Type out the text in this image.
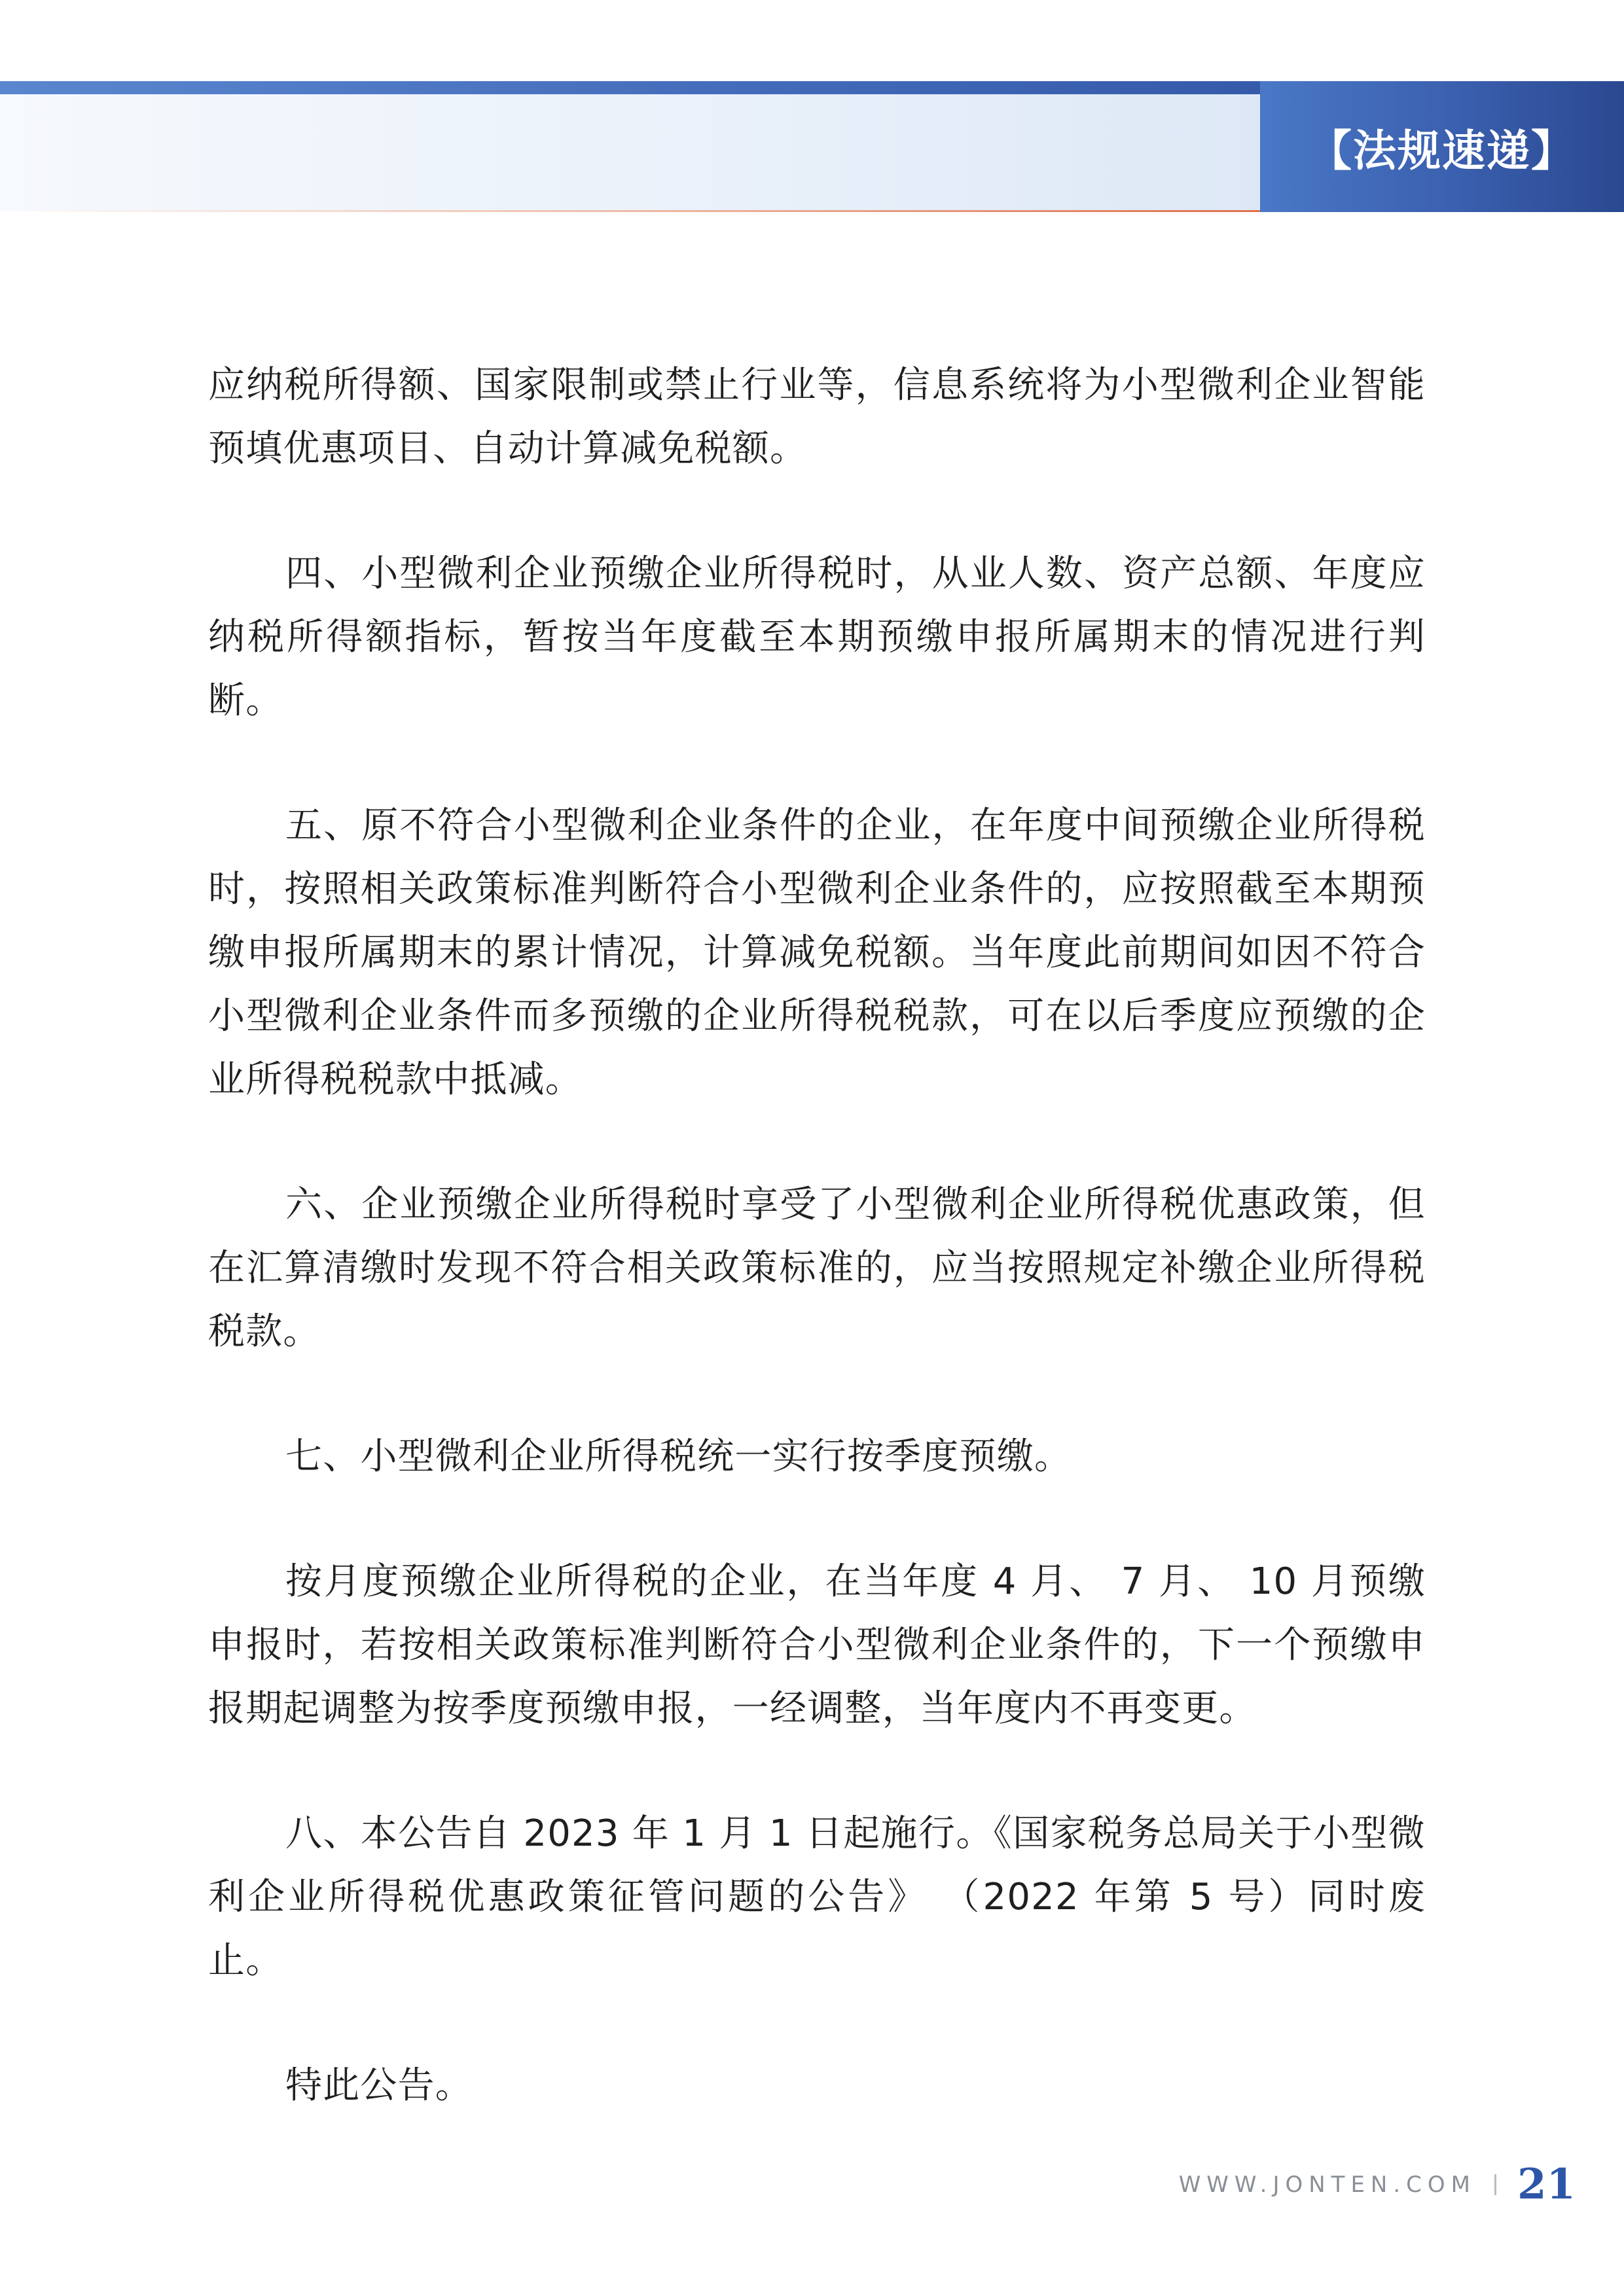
【法规速递】

应纳税所得额、国家限制或禁止行业等，信息系统将为小型微利企业智能预填优惠项目、自动计算减免税额。

四、小型微利企业预缴企业所得税时，从业人数、资产总额、年度应纳税所得额指标，暂按当年度截至本期预缴申报所属期末的情况进行判断。

五、原不符合小型微利企业条件的企业，在年度中间预缴企业所得税时，按照相关政策标准判断符合小型微利企业条件的，应按照截至本期预缴申报所属期末的累计情况，计算减免税额。当年度此前期间如因不符合小型微利企业条件而多预缴的企业所得税税款，可在以后季度应预缴的企业所得税税款中抵减。

六、企业预缴企业所得税时享受了小型微利企业所得税优惠政策，但在汇算清缴时发现不符合相关政策标准的，应当按照规定补缴企业所得税税款。

七、小型微利企业所得税统一实行按季度预缴。

按月度预缴企业所得税的企业，在当年度 4 月、 7 月、 10 月预缴申报时，若按相关政策标准判断符合小型微利企业条件的，下一个预缴申报期起调整为按季度预缴申报，一经调整，当年度内不再变更。

八、本公告自 2023 年 1 月 1 日起施行。《国家税务总局关于小型微利企业所得税优惠政策征管问题的公告》 （2022 年第 5 号）同时废止。

特此公告。

WWW.JONTEN.COM 21
